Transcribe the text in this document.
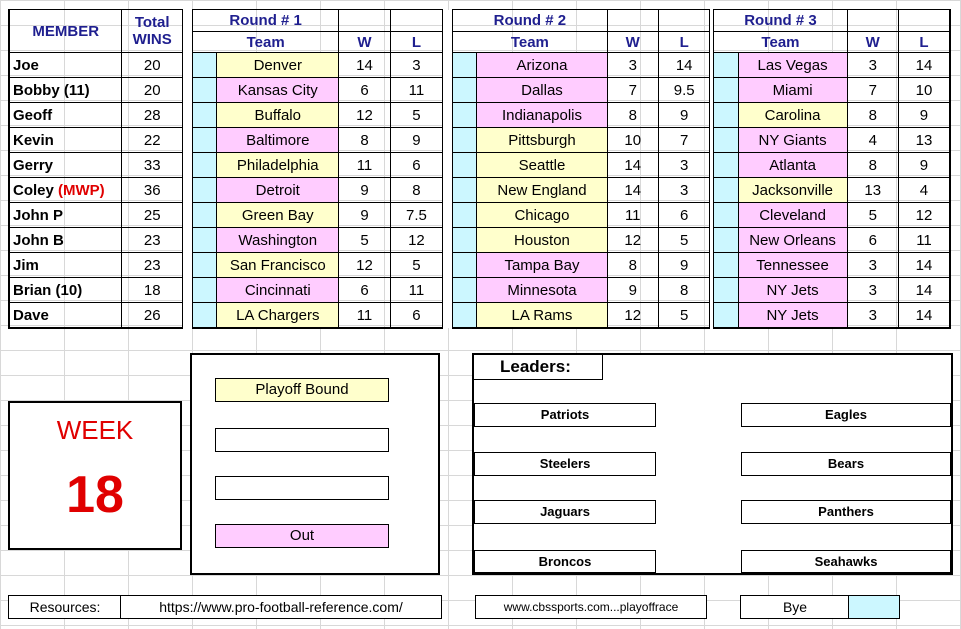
MEMBER	Total
WINS		Round # 1					Round # 2					Round # 3			
			Team		W	L		Team		W	L		Team		W	L
Joe	20			Denver	14	3			Arizona	3	14			Las Vegas	3	14
Bobby (11)	20			Kansas City	6	11			Dallas	7	9.5			Miami	7	10
Geoff	28			Buffalo	12	5			Indianapolis	8	9			Carolina	8	9
Kevin	22			Baltimore	8	9			Pittsburgh	10	7			NY Giants	4	13
Gerry	33			Philadelphia	11	6			Seattle	14	3			Atlanta	8	9
Coley (MWP)	36			Detroit	9	8			New England	14	3			Jacksonville	13	4
John P	25			Green Bay	9	7.5			Chicago	11	6			Cleveland	5	12
John B	23			Washington	5	12			Houston	12	5			New Orleans	6	11
Jim	23			San Francisco	12	5			Tampa Bay	8	9			Tennessee	3	14
Brian (10)	18			Cincinnati	6	11			Minnesota	9	8			NY Jets	3	14
Dave	26			LA Chargers	11	6			LA Rams	12	5			NY Jets	3	14
WEEK
18
Playoff Bound
Out
Leaders:
Patriots
Steelers
Jaguars
Broncos
Eagles
Bears
Panthers
Seahawks
Resources:	https://www.pro-football-reference.com/	www.cbssports.com...playoffrace	Bye
